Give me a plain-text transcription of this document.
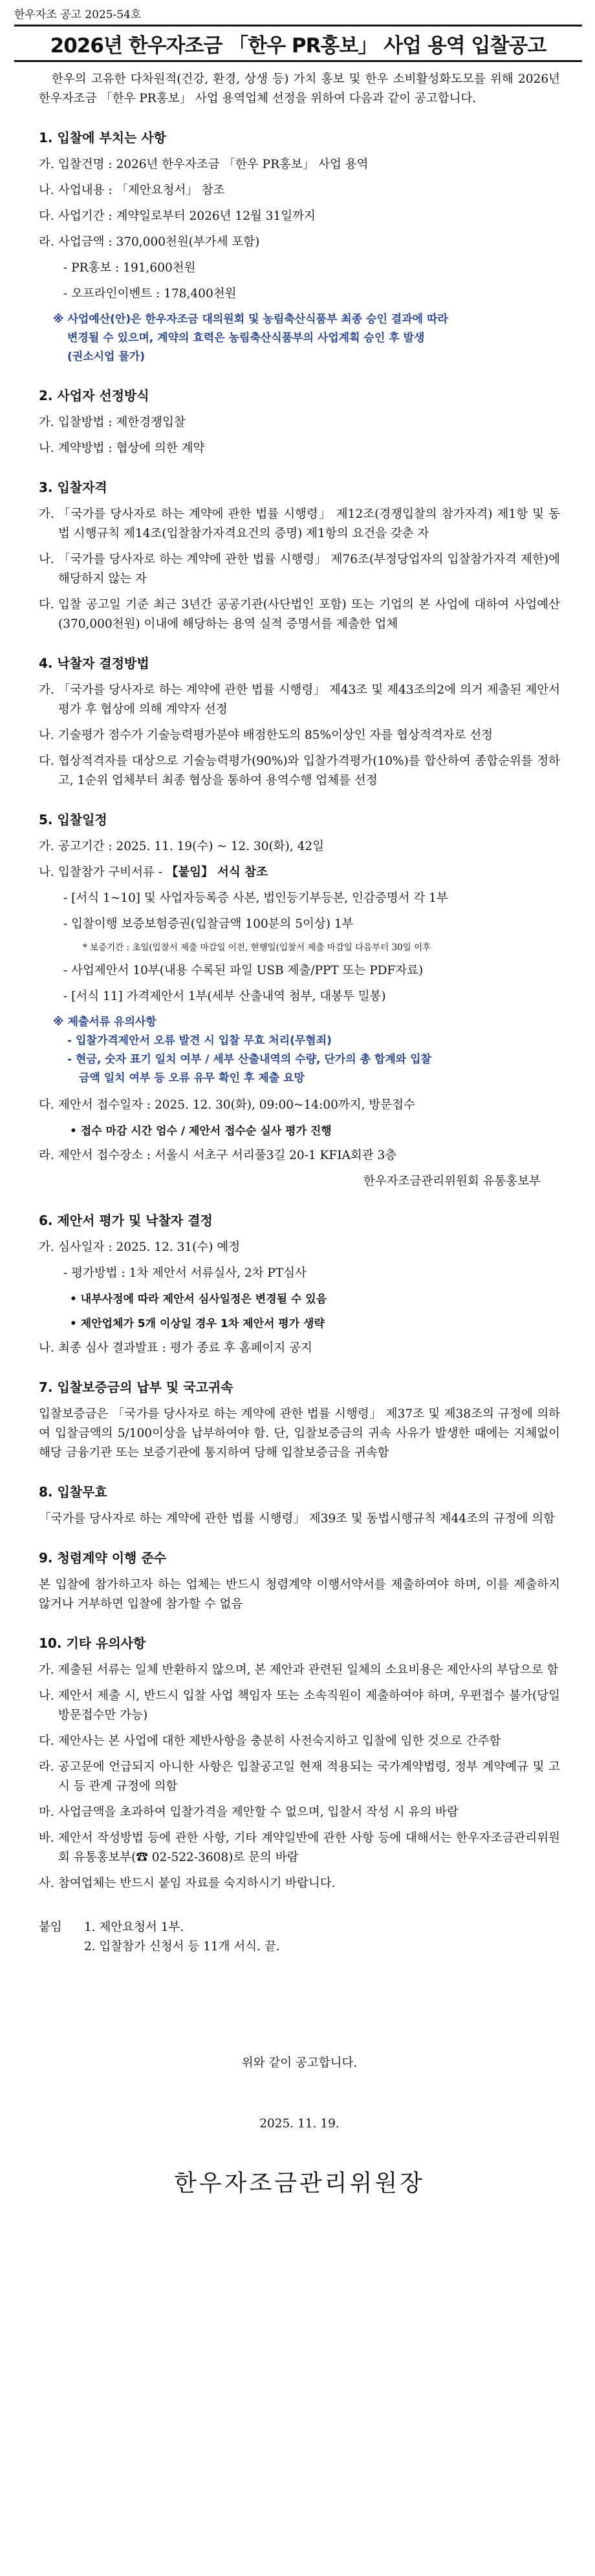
한우자조 공고 2025-54호
2026년 한우자조금 「한우 PR홍보」 사업 용역 입찰공고
한우의 고유한 다차원적(건강, 환경, 상생 등) 가치 홍보 및 한우 소비활성화도모를 위해 2026년 한우자조금 「한우 PR홍보」 사업 용역업체 선정을 위하여 다음과 같이 공고합니다.
1. 입찰에 부치는 사항
가. 입찰건명 : 2026년 한우자조금 「한우 PR홍보」 사업 용역
나. 사업내용 : 「제안요청서」 참조
다. 사업기간 : 계약일로부터 2026년 12월 31일까지
라. 사업금액 : 370,000천원(부가세 포함)
- PR홍보 : 191,600천원
- 오프라인이벤트 : 178,400천원
※ 사업예산(안)은 한우자조금 대의원회 및 농림축산식품부 최종 승인 결과에 따라
변경될 수 있으며, 계약의 효력은 농림축산식품부의 사업계획 승인 후 발생
(권소시업 물가)
2. 사업자 선정방식
가. 입찰방법 : 제한경쟁입찰
나. 계약방법 : 협상에 의한 계약
3. 입찰자격
가. 「국가를 당사자로 하는 계약에 관한 법률 시행령」 제12조(경쟁입찰의 참가자격) 제1항 및 동법 시행규칙 제14조(입찰참가자격요건의 증명) 제1항의 요건을 갖춘 자
나. 「국가를 당사자로 하는 계약에 관한 법률 시행령」 제76조(부정당업자의 입찰참가자격 제한)에 해당하지 않는 자
다. 입찰 공고일 기준 최근 3년간 공공기관(사단법인 포함) 또는 기업의 본 사업에 대하여 사업예산(370,000천원) 이내에 해당하는 용역 실적 증명서를 제출한 업체
4. 낙찰자 결정방법
가. 「국가를 당사자로 하는 계약에 관한 법률 시행령」 제43조 및 제43조의2에 의거 제출된 제안서 평가 후 협상에 의해 계약자 선정
나. 기술평가 점수가 기술능력평가분야 배점한도의 85%이상인 자를 협상적격자로 선정
다. 협상적격자를 대상으로 기술능력평가(90%)와 입찰가격평가(10%)를 합산하여 종합순위를 정하고, 1순위 업체부터 최종 협상을 통하여 용역수행 업체를 선정
5. 입찰일정
가. 공고기간 : 2025. 11. 19(수) ~ 12. 30(화), 42일
나. 입찰참가 구비서류 - 【붙임】 서식 참조
- [서식 1~10] 및 사업자등록증 사본, 법인등기부등본, 인감증명서 각 1부
- 입찰이행 보증보험증권(입찰금액 100분의 5이상) 1부
* 보증기간 : 초일(입찰서 제출 마감일 이전, 현행일(입찰서 제출 마감일 다음부터 30일 이후
- 사업제안서 10부(내용 수록된 파일 USB 제출/PPT 또는 PDF자료)
- [서식 11] 가격제안서 1부(세부 산출내역 첨부, 대봉투 밀봉)
※ 제출서류 유의사항
- 입찰가격제안서 오류 발견 시 입찰 무효 처리(무혐죄)
- 현금, 숫자 표기 일치 여부 / 세부 산출내역의 수량, 단가의 총 합계와 입찰
금액 일치 여부 등 오류 유무 확인 후 제출 요망
다. 제안서 접수일자 : 2025. 12. 30(화), 09:00~14:00까지, 방문접수
• 접수 마감 시간 엄수 / 제안서 접수순 실사 평가 진행
라. 제안서 접수장소 : 서울시 서초구 서리풀3길 20-1 KFIA회관 3층
한우자조금관리위원회 유통홍보부
6. 제안서 평가 및 낙찰자 결정
가. 심사일자 : 2025. 12. 31(수) 예정
- 평가방법 : 1차 제안서 서류실사, 2차 PT심사
• 내부사정에 따라 제안서 심사일정은 변경될 수 있음
• 제안업체가 5개 이상일 경우 1차 제안서 평가 생략
나. 최종 심사 결과발표 : 평가 종료 후 홈페이지 공지
7. 입찰보증금의 납부 및 국고귀속
입찰보증금은 「국가를 당사자로 하는 계약에 관한 법률 시행령」 제37조 및 제38조의 규정에 의하여 입찰금액의 5/100이상을 납부하여야 함. 단, 입찰보증금의 귀속 사유가 발생한 때에는 지체없이 해당 금융기관 또는 보증기관에 통지하여 당해 입찰보증금을 귀속함
8. 입찰무효
「국가를 당사자로 하는 계약에 관한 법률 시행령」 제39조 및 동법시행규칙 제44조의 규정에 의함
9. 청렴계약 이행 준수
본 입찰에 참가하고자 하는 업체는 반드시 청렴계약 이행서약서를 제출하여야 하며, 이를 제출하지 않거나 거부하면 입찰에 참가할 수 없음
10. 기타 유의사항
가. 제출된 서류는 일체 반환하지 않으며, 본 제안과 관련된 일체의 소요비용은 제안사의 부담으로 함
나. 제안서 제출 시, 반드시 입찰 사업 책임자 또는 소속직원이 제출하여야 하며, 우편접수 불가(당일 방문접수만 가능)
다. 제안사는 본 사업에 대한 제반사항을 충분히 사전숙지하고 입찰에 임한 것으로 간주함
라. 공고문에 언급되지 아니한 사항은 입찰공고일 현재 적용되는 국가계약법령, 정부 계약예규 및 고시 등 관계 규정에 의함
마. 사업금액을 초과하여 입찰가격을 제안할 수 없으며, 입찰서 작성 시 유의 바람
바. 제안서 작성방법 등에 관한 사항, 기타 계약일반에 관한 사항 등에 대해서는 한우자조금관리위원회 유통홍보부(☎ 02-522-3608)로 문의 바람
사. 참여업체는 반드시 붙임 자료를 숙지하시기 바랍니다.
붙임	1. 제안요청서 1부.
2. 입찰참가 신청서 등 11개 서식. 끝.
위와 같이 공고합니다.
2025. 11. 19.
한우자조금관리위원장
